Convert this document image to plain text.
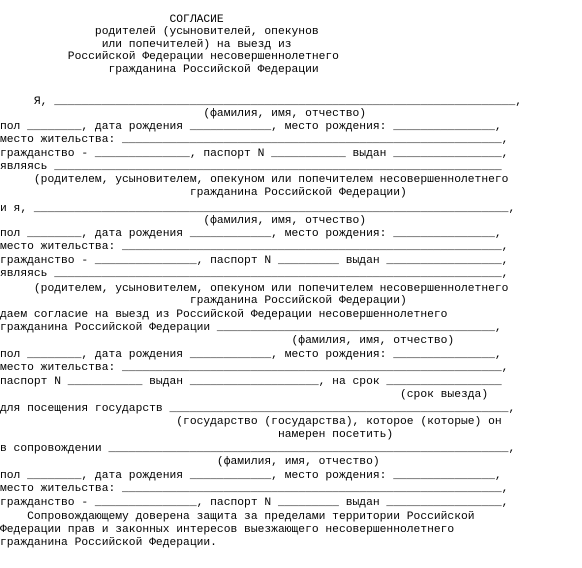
СОГЛАСИЕ
родителей (усыновителей, опекунов
или попечителей) на выезд из
Российской Федерации несовершеннолетнего
гражданина Российской Федерации
Я, ____________________________________________________________________,
(фамилия, имя, отчество)
пол ________, дата рождения ____________, место рождения: _______________,
место жительства: ________________________________________________________,
гражданство - ______________, паспорт N ___________ выдан ________________,
являясь __________________________________________________________________
(родителем, усыновителем, опекуном или попечителем несовершеннолетнего
гражданина Российской Федерации)
и я, ______________________________________________________________________,
(фамилия, имя, отчество)
пол ________, дата рождения ____________, место рождения: _______________,
место жительства: ________________________________________________________,
гражданство - _______________, паспорт N _________ выдан _________________,
являясь __________________________________________________________________,
(родителем, усыновителем, опекуном или попечителем несовершеннолетнего
гражданина Российской Федерации)
даем согласие на выезд из Российской Федерации несовершеннолетнего
гражданина Российской Федерации _________________________________________,
(фамилия, имя, отчество)
пол ________, дата рождения ____________, место рождения: _______________,
место жительства: ________________________________________________________,
паспорт N ___________ выдан ___________________, на срок _________________
(срок выезда)
для посещения государств __________________________________________________,
(государство (государства), которое (которые) он
намерен посетить)
в сопровождении ___________________________________________________________,
(фамилия, имя, отчество)
пол ________, дата рождения ____________, место рождения: _______________,
место жительства: ________________________________________________________,
гражданство - _______________, паспорт N _________ выдан _________________,
Сопровождающему доверена защита за пределами территории Российской
Федерации прав и законных интересов выезжающего несовершеннолетнего
гражданина Российской Федерации.
